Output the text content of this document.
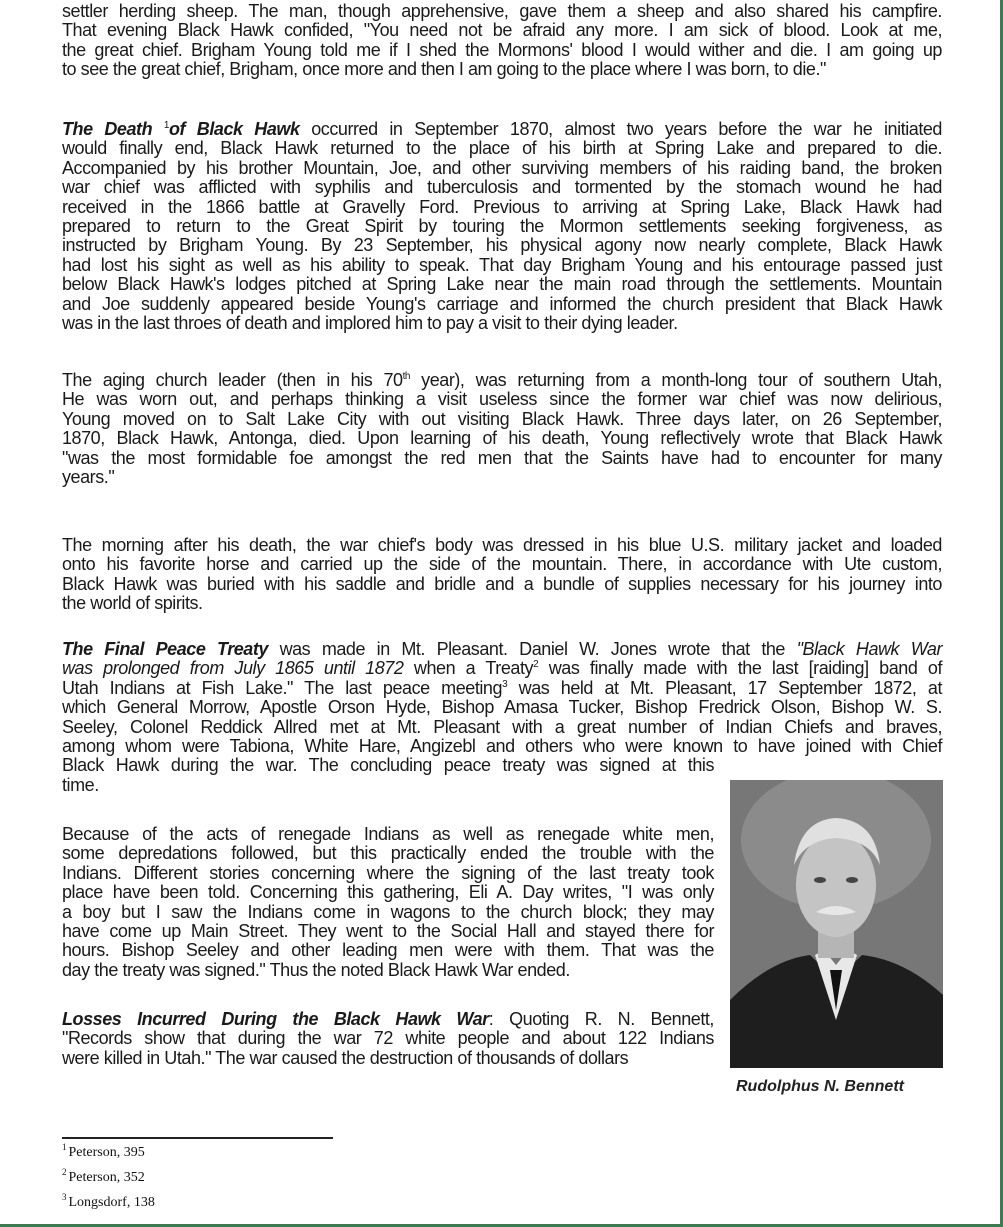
settler herding sheep. The man, though apprehensive, gave them a sheep and also shared his campfire.
That evening Black Hawk confided, "You need not be afraid any more. I am sick of blood. Look at me,
the great chief. Brigham Young told me if I shed the Mormons' blood I would wither and die. I am going up
to see the great chief, Brigham, once more and then I am going to the place where I was born, to die."
The Death $^1$of Black Hawk occurred in September 1870, almost two years before the war he initiated
would finally end, Black Hawk returned to the place of his birth at Spring Lake and prepared to die.
Accompanied by his brother Mountain, Joe, and other surviving members of his raiding band, the broken
war chief was afflicted with syphilis and tuberculosis and tormented by the stomach wound he had
received in the 1866 battle at Gravelly Ford. Previous to arriving at Spring Lake, Black Hawk had
prepared to return to the Great Spirit by touring the Mormon settlements seeking forgiveness, as
instructed by Brigham Young. By 23 September, his physical agony now nearly complete, Black Hawk
had lost his sight as well as his ability to speak. That day Brigham Young and his entourage passed just
below Black Hawk's lodges pitched at Spring Lake near the main road through the settlements. Mountain
and Joe suddenly appeared beside Young's carriage and informed the church president that Black Hawk
was in the last throes of death and implored him to pay a visit to their dying leader.
The aging church leader (then in his 70th year), was returning from a month-long tour of southern Utah,
He was worn out, and perhaps thinking a visit useless since the former war chief was now delirious,
Young moved on to Salt Lake City with out visiting Black Hawk. Three days later, on 26 September,
1870, Black Hawk, Antonga, died. Upon learning of his death, Young reflectively wrote that Black Hawk
"was the most formidable foe amongst the red men that the Saints have had to encounter for many
years."
The morning after his death, the war chief's body was dressed in his blue U.S. military jacket and loaded
onto his favorite horse and carried up the side of the mountain. There, in accordance with Ute custom,
Black Hawk was buried with his saddle and bridle and a bundle of supplies necessary for his journey into
the world of spirits.
The Final Peace Treaty was made in Mt. Pleasant. Daniel W. Jones wrote that the "Black Hawk War
was prolonged from July 1865 until 1872 when a Treaty$^2$ was finally made with the last [raiding] band of
Utah Indians at Fish Lake." The last peace meeting$^3$ was held at Mt. Pleasant, 17 September 1872, at
which General Morrow, Apostle Orson Hyde, Bishop Amasa Tucker, Bishop Fredrick Olson, Bishop W. S.
Seeley, Colonel Reddick Allred met at Mt. Pleasant with a great number of Indian Chiefs and braves,
among whom were Tabiona, White Hare, Angizebl and others who were known to have joined with Chief
Black Hawk during the war. The concluding peace treaty was signed at this
time.
Because of the acts of renegade Indians as well as renegade white men,
some depredations followed, but this practically ended the trouble with the
Indians. Different stories concerning where the signing of the last treaty took
place have been told. Concerning this gathering, Eli A. Day writes, "I was only
a boy but I saw the Indians come in wagons to the church block; they may
have come up Main Street. They went to the Social Hall and stayed there for
hours. Bishop Seeley and other leading men were with them. That was the
day the treaty was signed." Thus the noted Black Hawk War ended.
Losses Incurred During the Black Hawk War: Quoting R. N. Bennett,
"Records show that during the war 72 white people and about 122 Indians
were killed in Utah." The war caused the destruction of thousands of dollars
Rudolphus N. Bennett
$^1$ Peterson, 395
$^2$ Peterson, 352
$^3$ Longsdorf, 138
